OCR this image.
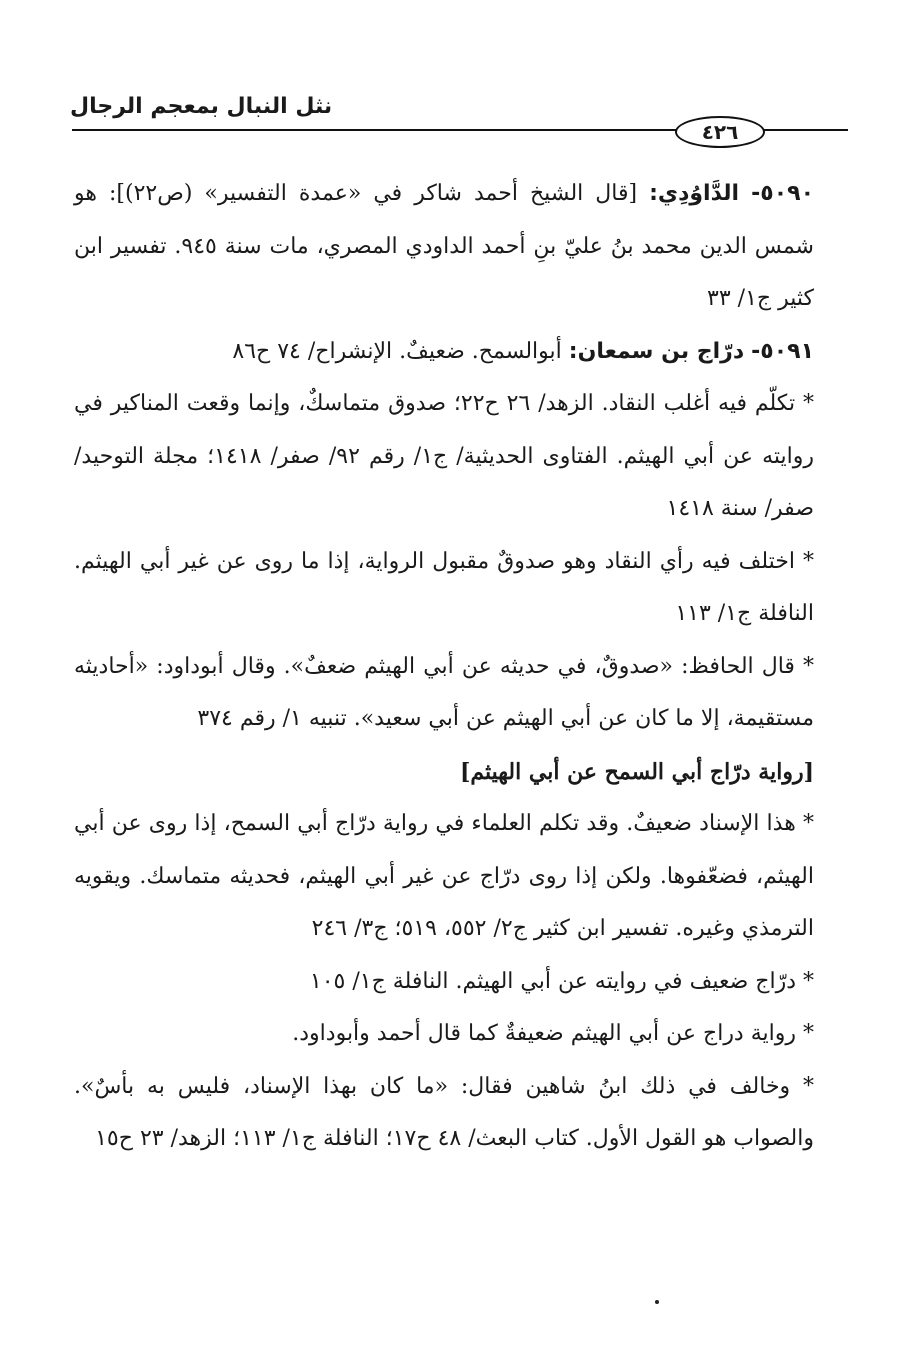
نثل النبال بمعجم الرجال
٤٢٦

٥٠٩٠- الدَّاوُدِي: [قال الشيخ أحمد شاكر في «عمدة التفسير» (ص٢٢)]: هو شمس الدين محمد بنُ عليّ بنِ أحمد الداودي المصري، مات سنة ٩٤٥. تفسير ابن كثير ج١/ ٣٣

٥٠٩١- درّاج بن سمعان: أبوالسمح. ضعيفٌ. الإنشراح/ ٧٤ ح٨٦

* تكلّم فيه أغلب النقاد. الزهد/ ٢٦ ح٢٢؛ صدوق متماسكٌ، وإنما وقعت المناكير في روايته عن أبي الهيثم. الفتاوى الحديثية/ ج١/ رقم ٩٢/ صفر/ ١٤١٨؛ مجلة التوحيد/ صفر/ سنة ١٤١٨

* اختلف فيه رأي النقاد وهو صدوقٌ مقبول الرواية، إذا ما روى عن غير أبي الهيثم. النافلة ج١/ ١١٣

* قال الحافظ: «صدوقٌ، في حديثه عن أبي الهيثم ضعفٌ». وقال أبوداود: «أحاديثه مستقيمة، إلا ما كان عن أبي الهيثم عن أبي سعيد». تنبيه ١/ رقم ٣٧٤

[رواية درّاج أبي السمح عن أبي الهيثم]

* هذا الإسناد ضعيفٌ. وقد تكلم العلماء في رواية درّاج أبي السمح، إذا روى عن أبي الهيثم، فضعّفوها. ولكن إذا روى درّاج عن غير أبي الهيثم، فحديثه متماسك. ويقويه الترمذي وغيره. تفسير ابن كثير ج٢/ ٥٥٢، ٥١٩؛ ج٣/ ٢٤٦

* درّاج ضعيف في روايته عن أبي الهيثم. النافلة ج١/ ١٠٥

* رواية دراج عن أبي الهيثم ضعيفةٌ كما قال أحمد وأبوداود.

* وخالف في ذلك ابنُ شاهين فقال: «ما كان بهذا الإسناد، فليس به بأسٌ». والصواب هو القول الأول. كتاب البعث/ ٤٨ ح١٧؛ النافلة ج١/ ١١٣؛ الزهد/ ٢٣ ح١٥
